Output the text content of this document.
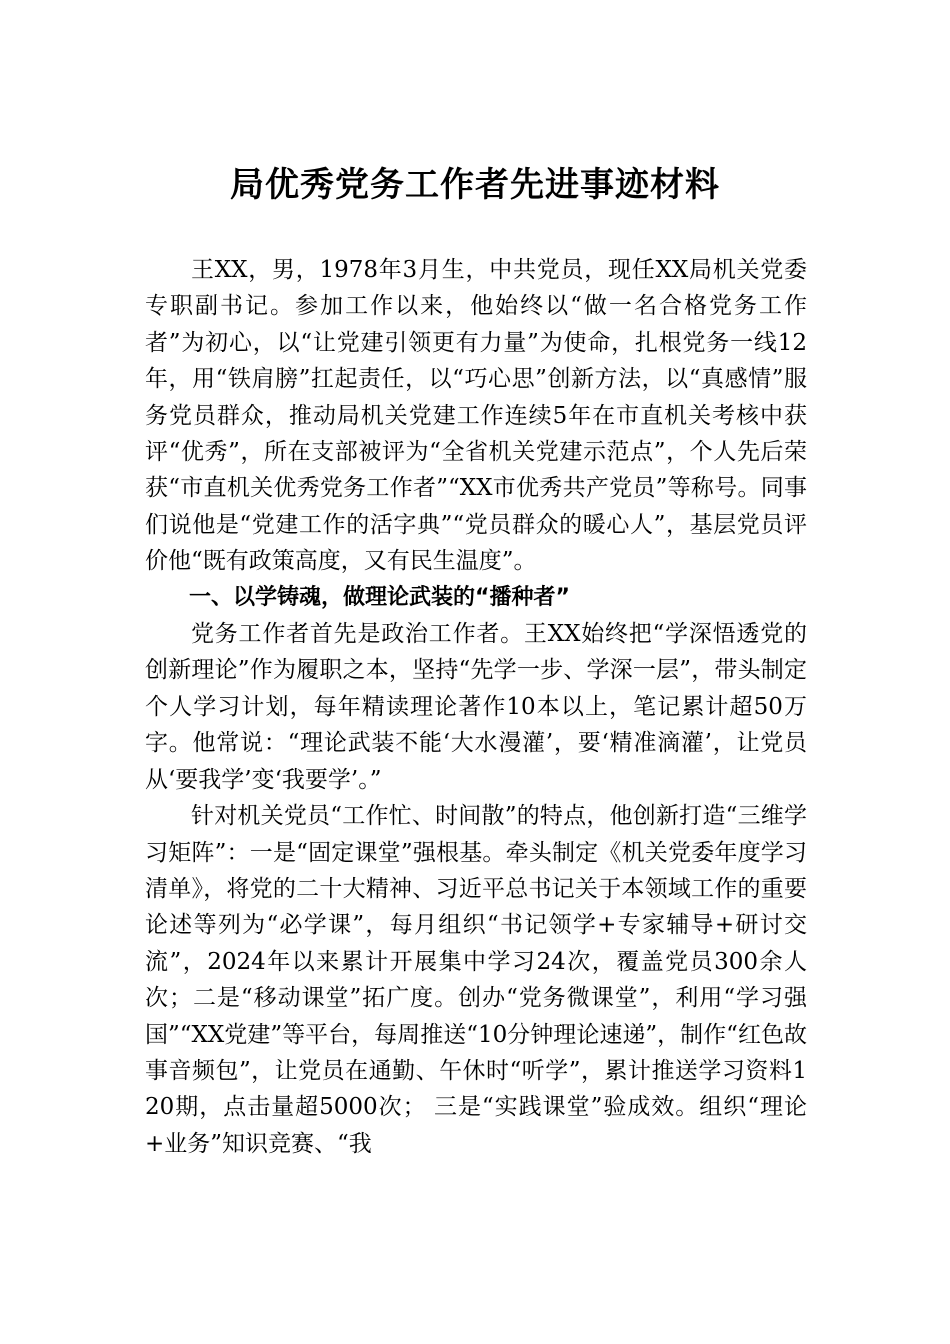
局优秀党务工作者先进事迹材料

王XX，男，1978年3月生，中共党员，现任XX局机关党委专职副书记。参加工作以来，他始终以“做一名合格党务工作者”为初心，以“让党建引领更有力量”为使命，扎根党务一线12年，用“铁肩膀”扛起责任，以“巧心思”创新方法，以“真感情”服务党员群众，推动局机关党建工作连续5年在市直机关考核中获评“优秀”，所在支部被评为“全省机关党建示范点”，个人先后荣获“市直机关优秀党务工作者”“XX市优秀共产党员”等称号。同事们说他是“党建工作的活字典”“党员群众的暖心人”，基层党员评价他“既有政策高度，又有民生温度”。

一、以学铸魂，做理论武装的“播种者”

党务工作者首先是政治工作者。王XX始终把“学深悟透党的创新理论”作为履职之本，坚持“先学一步、学深一层”，带头制定个人学习计划，每年精读理论著作10本以上，笔记累计超50万字。他常说：“理论武装不能‘大水漫灌’，要‘精准滴灌’，让党员从‘要我学’变‘我要学’。”

针对机关党员“工作忙、时间散”的特点，他创新打造“三维学习矩阵”：一是“固定课堂”强根基。牵头制定《机关党委年度学习清单》，将党的二十大精神、习近平总书记关于本领域工作的重要论述等列为“必学课”，每月组织“书记领学+专家辅导+研讨交流”，2024年以来累计开展集中学习24次，覆盖党员300余人次；二是“移动课堂”拓广度。创办“党务微课堂”，利用“学习强国”“XX党建”等平台，每周推送“10分钟理论速递”，制作“红色故事音频包”，让党员在通勤、午休时“听学”，累计推送学习资料120期，点击量超5000次； 三是“实践课堂”验成效。组织“理论+业务”知识竞赛、“我
